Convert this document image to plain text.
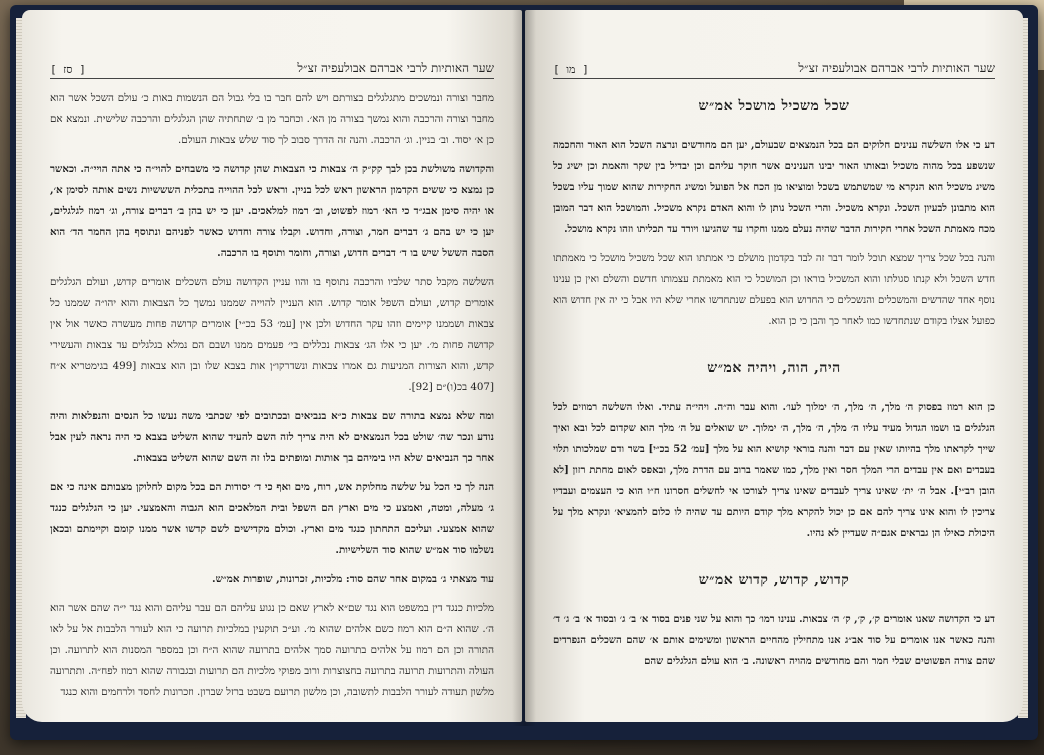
שער האותיות לרבי אברהם אבולעפיה זצ״ל
[ סז ]

מחבר וצורה ונמשכים מתגלגלים בצורתם ויש להם חבר בו בלי גבול הם הנשמות באות כ׳ עולם השכל אשר הוא מחבר וצורה והרכבה והוא נמשך בצורה מן הא׳. וכחבר מן ב׳ שתחתיה שהן הגלגלים והרכבה שלישית. ונמצא אם כן א׳ יסוד. וב׳ בניין. וג׳ הרכבה. והנה זה הדרך סבוב לך סוד שלש צבאות העולם.

והקדושה משולשת בכן לבך קק״ק ה׳ צבאות כי הצבאות שהן קדושה כי משבחים להוי״ה כי אתה הויי״ה. וכאשר כן נמצא כי ששים הקדמון הראשון ראש לכל בניין. וראש לכל ההוייה בתכלית השששיות נשים אותה לסימן א׳, או יהיה סימן אבג״ד כי הא׳ רמוז לפשוט, וב׳ רמוז למלאכים. יען כי יש בהן ב׳ דברים צורה, וג׳ רמוז לגלגלים, יען כי יש בהם ג׳ דברים חמר, וצורה, וחדוש. וקבלו צורה וחדוש כאשר לפניהם ונתוסף בהן החמר הד׳ הוא הסבה הששל שיש בו ד׳ דברים חדוש, וצורה, וחומר ותוסף בו הרכבה.

השלשה מקבל סתר שלביו והרכבה נתוסף בו והוו עניין הקדושה עולם השכלים אומרים קדוש, ועולם הגלגלים אומרים קדוש, ועולם השפל אומר קדוש. הוא העניין להוייה שממנו נמשך כל הצבאות והוא יהו״ה שממנו כל צבאות ושממנו קיימים וזהו עקר החדוש ולכן אין [עמ׳ 53 בכ״י] אומרים קדושה פחות מעשרה כאשר אול אין קדושה פחות מ׳. יען כי אלו הג׳ צבאות נכללים בי׳ פעמים ממנו ושבם הם נמלא בגלגלים עד צבאות והעשירי קדש, והוא הצורות המניעות גם אמרו צבאות ונשדרקו״ן אות בצבא שלו ובן הוא צבאות [499 בגימטריא א״ח [407 בכ(ו)״ם [92].

ומה שלא נמצא בתורה שם צבאות כ״א בנביאים ובכתובים לפי שכתבי משה נעשו כל הנסים והנפלאות והיה נודע ונכר שה׳ שולט בכל הנמצאים לא היה צריך לזה השם להעיד שהוא השליט בצבא כי היה נראה לעין אבל אחר כך הנביאים שלא היו בימיהם בך אותות ומופתים בלו זה השם שהוא השליט בצבאות.

הנה לך כי הכל על שלשה מחלוקת אש, רוח, מים ואף כי ד׳ יסודות הם בכל מקום לחלוקן מצבותם אינה כי אם ג׳ מעלה, ומטה, ואמצע כי מים וארץ הם השפל ובית המלאכים הוא הגבוה והאמצעי. יען כי הגלגלים כנגד שהוא אמצעי. ועליכם התחתון כנגד מים וארץ. וכולם מקדישים לשם קדשו אשר ממנו קומם וקיימתם ובכאן נשלמו סוד אמ״ש שהוא סוד השלישיות.

עוד מצאתי ג׳ במקום אחר שהם סוד: מלכיות, זכרונות, שופרות אמ״ש.

מלכיות כנגד דין במשפט הוא נגד שם״א לארץ שאם כן נגוע עליהם הם עבר עליהם והוא נגד י״ה שהם אשר הוא ה׳. שהוא ה״ם הוא רמוז כשם אלהים שהוא מ׳. וע״כ תוקעין במלכיות תרועה כי הוא לעורר הלבבות אל על לאו התורה וכן הם רמוז על אלהים בתרועה סמך אלהים בתרועה שהוא ה״ח וכן במספר המסנות הוא לתרועה. וכן העולה והתרועות תרועה בתרועה בחצוצרות ורוב מפוקי מלכיות הם תרועות ובגבורה שהוא רמוז לפח״ה. ותתרועה מלשון תעודה לעורר הלבבות לתשובה, וכן מלשון תרועם בשבט ברזל שברון. וזכרונות לחסד ולרחמים והוא כנגד

שער האותיות לרבי אברהם אבולעפיה זצ״ל
[ מו ]
שכל משכיל מושכל אמ״ש

דע כי אלו השלשה ענינים חלוקים הם בכל הנמצאים שבעולם, יען הם מחודשים ונרצה השכל הוא האור והחכמה שנשפע בכל מהוה משכיל ובאותו האור יבינו הענינים אשר חוקר עליהם וכן יבדיל בין שקר והאמת וכן ישיג כל משיג משכיל הוא הנקרא מי שמשתמש בשכל ומוציאו מן הכח אל הפועל ומשיג החקירות שהוא שמוך עליו בשכל הוא מתבונן לבעיון השכל. ונקרא משכיל. והרי השכל נותן לו והוא האדם נקרא משכיל. והמושכל הוא דבר המובן מכח מאמתת השכל אחרי חקירות הדבר שהיה נעלם ממנו וחקרו עד שהגיעו ויורד עד תכליתו וזהו נקרא מושכל.

והנה בכל שכל צריך שמצא תוכל לומר דבר זה לבד בקדמון מושלם כי אמתתו הוא שכל משכיל מושכל כי מאמתתו חדש השכל ולא קנתו סגולתו והוא המשכיל בוראו וכן המושכל כי הוא מאמתת עצמותו חדשם והשלם ואין כן ענינו נוסף אחד שהדשים והמשכלים והנשכלים כי החדוש הוא בפעלם שנתחדשו אחרי שלא היו אבל כי יה אין חדוש הוא כפועל אצלו בקודם שנתחדשו כמו לאחר כך והבן כי כן הוא.

היה, הוה, ויהיה אמ״ש

כן הוא רמוז בפסוק ה׳ מלך, ה׳ מלך, ה׳ ימלוך לעו׳. והוא עבר וה״ה. ויהי״ה עתיד. ואלו השלשה רמוזים לכל הגלגלים בו ושמו הגדול מעיד עליו ה׳ מלך, ה׳ מלך, ה׳ ימלוך. יש שואלים על ה׳ מלך הוא שקדום לכל ובא ואיך שייך לקראתו מלך בהיותו שאין עם דבר והנה בוראי קושיא הוא על מלך [עמ׳ 52 בכ״י] בשר ודם שמלכותו תלוי בעבדים ואם אין עבדים הרי המלך חסר ואין מלך, כמו שאמר ברוב עם הדרת מלך, ובאפס לאום מחתת רזון [לא הובן רב״י]. אבל ה׳ ית׳ שאינו צריך לעבדים שאינו צריך לצורכו אי לחשלים חסרונו ח״ו הוא כי העצמים ועבדיו צריכין לו והוא אינו צריך להם אם כן יכול להקרא מלך קודם היותם עד שהיה לו כלום להמציא׳ ונקרא מלך על היכולת כאילו הן גבראים אגם״ה שעדיין לא נהיו.

קדוש, קדוש, קדוש אמ״ש

דע כי הקדושה שאנו אומרים ק׳, ק׳, ק׳ ה׳ צבאות. ענינו רמו׳ כך והוא על שני פנים בסוד א׳ ב׳ ג׳ ובסוד א׳ ב׳ ג׳ ד׳ והנה כאשר אנו אומרים על סוד אב״ג אנו מתחילין מהחיים הראשון ומשימים אותם א׳ שהם השכלים הנפרדים שהם צורה הפשוטים שבלי חמר והם מחודשים מהויה ראשונה. ב׳ הוא עולם הגלגלים שהם
